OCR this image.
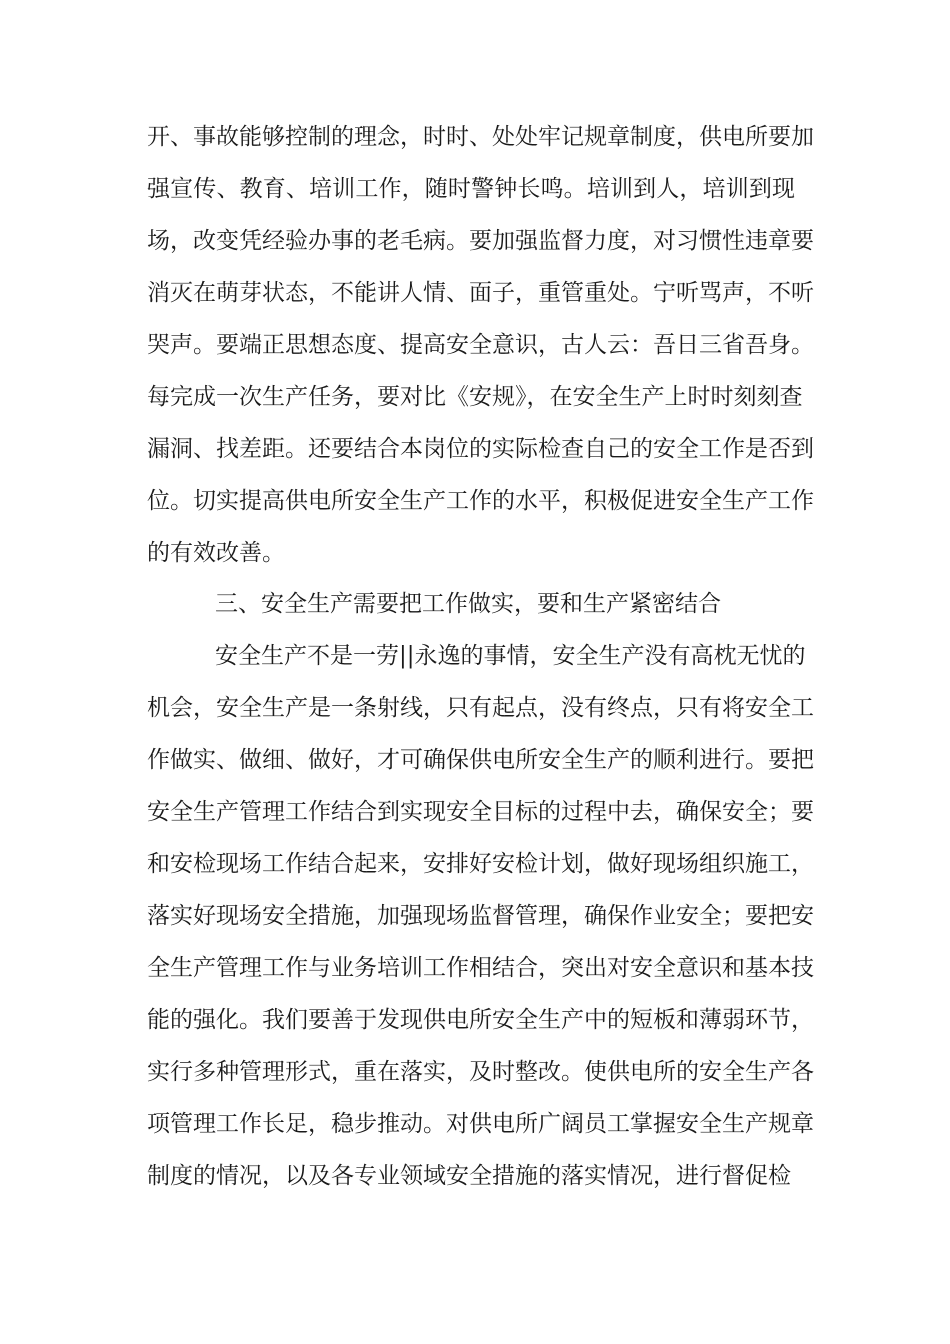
开、事故能够控制的理念，时时、处处牢记规章制度，供电所要加
强宣传、教育、培训工作，随时警钟长鸣。培训到人，培训到现
场，改变凭经验办事的老毛病。要加强监督力度，对习惯性违章要
消灭在萌芽状态，不能讲人情、面子，重管重处。宁听骂声，不听
哭声。要端正思想态度、提高安全意识，古人云：吾日三省吾身。
每完成一次生产任务，要对比《安规》，在安全生产上时时刻刻查
漏洞、找差距。还要结合本岗位的实际检查自己的安全工作是否到
位。切实提高供电所安全生产工作的水平，积极促进安全生产工作
的有效改善。
三、安全生产需要把工作做实，要和生产紧密结合
安全生产不是一劳||永逸的事情，安全生产没有高枕无忧的
机会，安全生产是一条射线，只有起点，没有终点，只有将安全工
作做实、做细、做好，才可确保供电所安全生产的顺利进行。要把
安全生产管理工作结合到实现安全目标的过程中去，确保安全；要
和安检现场工作结合起来，安排好安检计划，做好现场组织施工，
落实好现场安全措施，加强现场监督管理，确保作业安全；要把安
全生产管理工作与业务培训工作相结合，突出对安全意识和基本技
能的强化。我们要善于发现供电所安全生产中的短板和薄弱环节，
实行多种管理形式，重在落实，及时整改。使供电所的安全生产各
项管理工作长足，稳步推动。对供电所广阔员工掌握安全生产规章
制度的情况，以及各专业领域安全措施的落实情况，进行督促检
